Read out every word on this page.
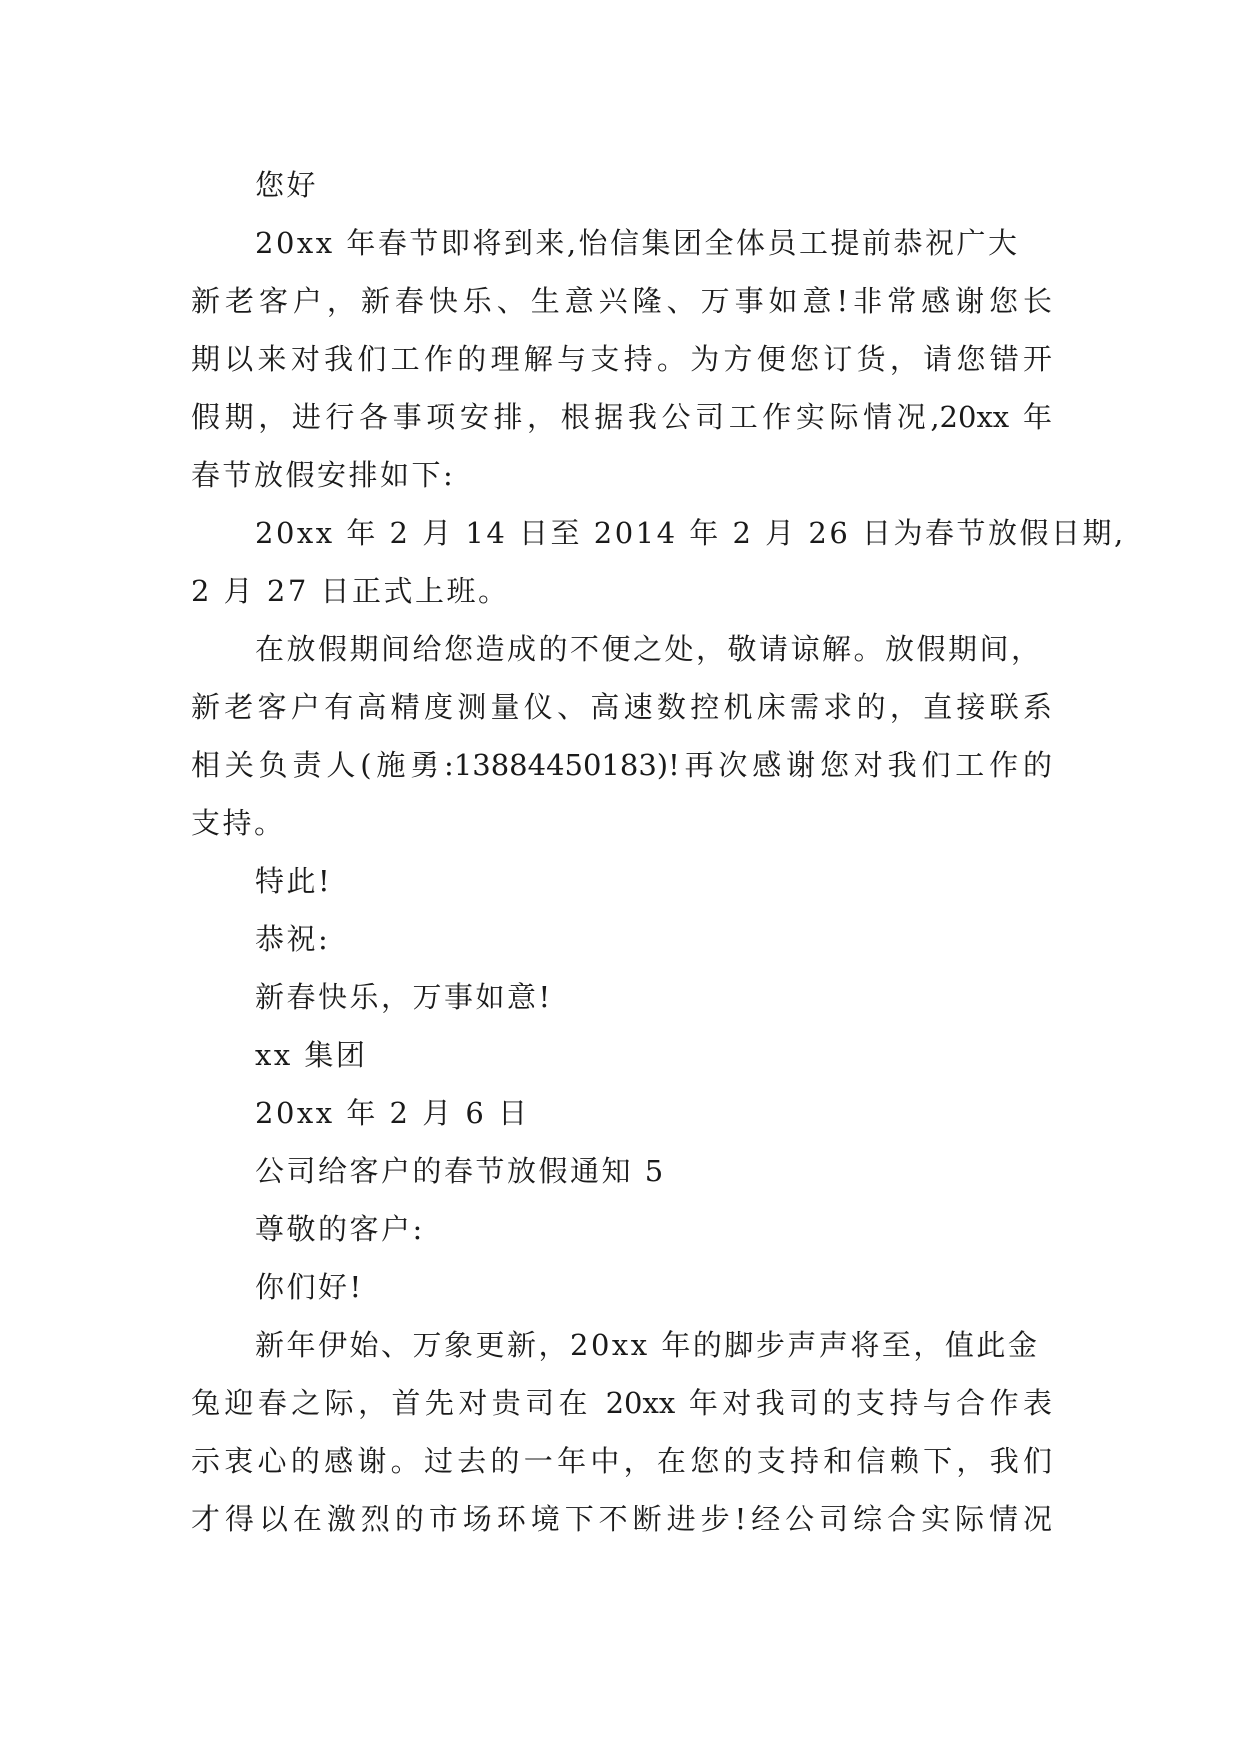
您好
20xx 年春节即将到来,怡信集团全体员工提前恭祝广大
新老客户，新春快乐、生意兴隆、万事如意!非常感谢您长
期以来对我们工作的理解与支持。为方便您订货，请您错开
假期，进行各事项安排，根据我公司工作实际情况,20xx 年
春节放假安排如下:
20xx 年 2 月 14 日至 2014 年 2 月 26 日为春节放假日期,
2 月 27 日正式上班。
在放假期间给您造成的不便之处，敬请谅解。放假期间，
新老客户有高精度测量仪、高速数控机床需求的，直接联系
相关负责人(施勇:13884450183)!再次感谢您对我们工作的
支持。
特此!
恭祝:
新春快乐，万事如意!
xx 集团
20xx 年 2 月 6 日
公司给客户的春节放假通知 5
尊敬的客户:
你们好!
新年伊始、万象更新，20xx 年的脚步声声将至，值此金
兔迎春之际，首先对贵司在 20xx 年对我司的支持与合作表
示衷心的感谢。过去的一年中，在您的支持和信赖下，我们
才得以在激烈的市场环境下不断进步!经公司综合实际情况
